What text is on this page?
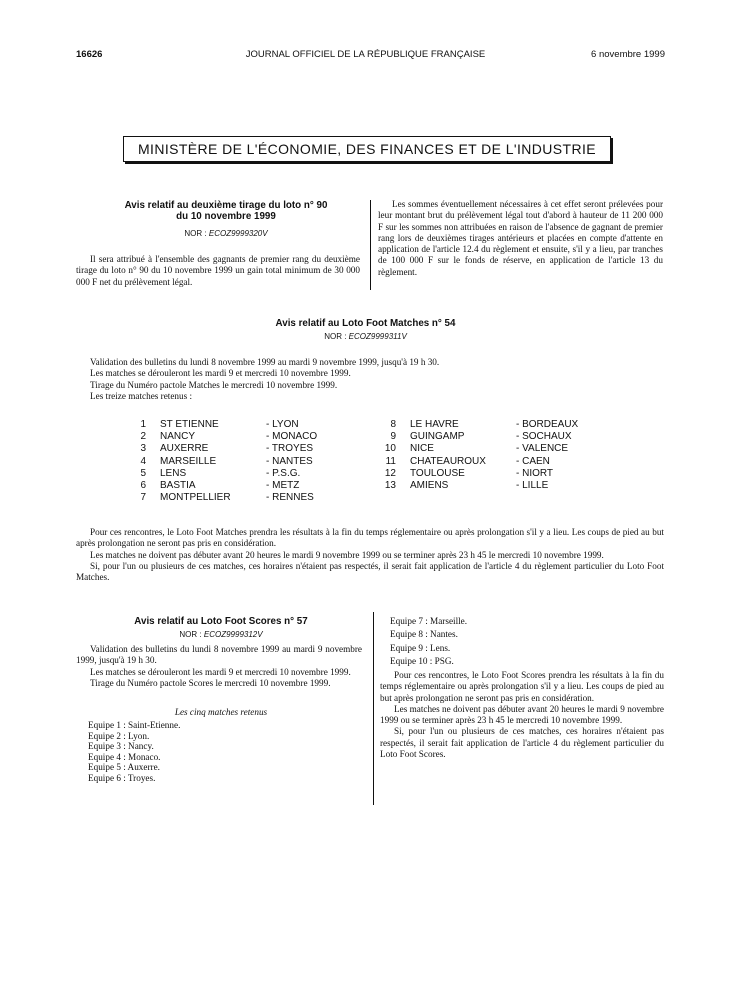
16626	JOURNAL OFFICIEL DE LA RÉPUBLIQUE FRANÇAISE	6 novembre 1999
MINISTÈRE DE L'ÉCONOMIE, DES FINANCES ET DE L'INDUSTRIE
Avis relatif au deuxième tirage du loto n° 90
du 10 novembre 1999
NOR : ECOZ9999320V

Il sera attribué à l'ensemble des gagnants de premier rang du deuxième tirage du loto n° 90 du 10 novembre 1999 un gain total minimum de 30 000 000 F net du prélèvement légal.

Les sommes éventuellement nécessaires à cet effet seront prélevées pour leur montant brut du prélèvement légal tout d'abord à hauteur de 11 200 000 F sur les sommes non attribuées en raison de l'absence de gagnant de premier rang lors de deuxièmes tirages antérieurs et placées en compte d'attente en application de l'article 12.4 du règlement et ensuite, s'il y a lieu, par tranches de 100 000 F sur le fonds de réserve, en application de l'article 13 du règlement.

Avis relatif au Loto Foot Matches n° 54
NOR : ECOZ9999311V

Validation des bulletins du lundi 8 novembre 1999 au mardi 9 novembre 1999, jusqu'à 19 h 30.

Les matches se dérouleront les mardi 9 et mercredi 10 novembre 1999.

Tirage du Numéro pactole Matches le mercredi 10 novembre 1999.

Les treize matches retenus :

1	ST ETIENNE	- LYON
2	NANCY	- MONACO
3	AUXERRE	- TROYES
4	MARSEILLE	- NANTES
5	LENS	- P.S.G.
6	BASTIA	- METZ
7	MONTPELLIER	- RENNES
8	LE HAVRE	- BORDEAUX
9	GUINGAMP	- SOCHAUX
10	NICE	- VALENCE
11	CHATEAUROUX	- CAEN
12	TOULOUSE	- NIORT
13	AMIENS	- LILLE

Pour ces rencontres, le Loto Foot Matches prendra les résultats à la fin du temps réglementaire ou après prolongation s'il y a lieu. Les coups de pied au but après prolongation ne seront pas pris en considération.

Les matches ne doivent pas débuter avant 20 heures le mardi 9 novembre 1999 ou se terminer après 23 h 45 le mercredi 10 novembre 1999.

Si, pour l'un ou plusieurs de ces matches, ces horaires n'étaient pas respectés, il serait fait application de l'article 4 du règlement particulier du Loto Foot Matches.

Avis relatif au Loto Foot Scores n° 57
NOR : ECOZ9999312V

Validation des bulletins du lundi 8 novembre 1999 au mardi 9 novembre 1999, jusqu'à 19 h 30.

Les matches se dérouleront les mardi 9 et mercredi 10 novembre 1999.

Tirage du Numéro pactole Scores le mercredi 10 novembre 1999.

Les cinq matches retenus
Equipe 1 : Saint-Etienne.
Equipe 2 : Lyon.
Equipe 3 : Nancy.
Equipe 4 : Monaco.
Equipe 5 : Auxerre.
Equipe 6 : Troyes.
Equipe 7 : Marseille.
Equipe 8 : Nantes.
Equipe 9 : Lens.
Equipe 10 : PSG.

Pour ces rencontres, le Loto Foot Scores prendra les résultats à la fin du temps réglementaire ou après prolongation s'il y a lieu. Les coups de pied au but après prolongation ne seront pas pris en considération.

Les matches ne doivent pas débuter avant 20 heures le mardi 9 novembre 1999 ou se terminer après 23 h 45 le mercredi 10 novembre 1999.

Si, pour l'un ou plusieurs de ces matches, ces horaires n'étaient pas respectés, il serait fait application de l'article 4 du règlement particulier du Loto Foot Scores.
